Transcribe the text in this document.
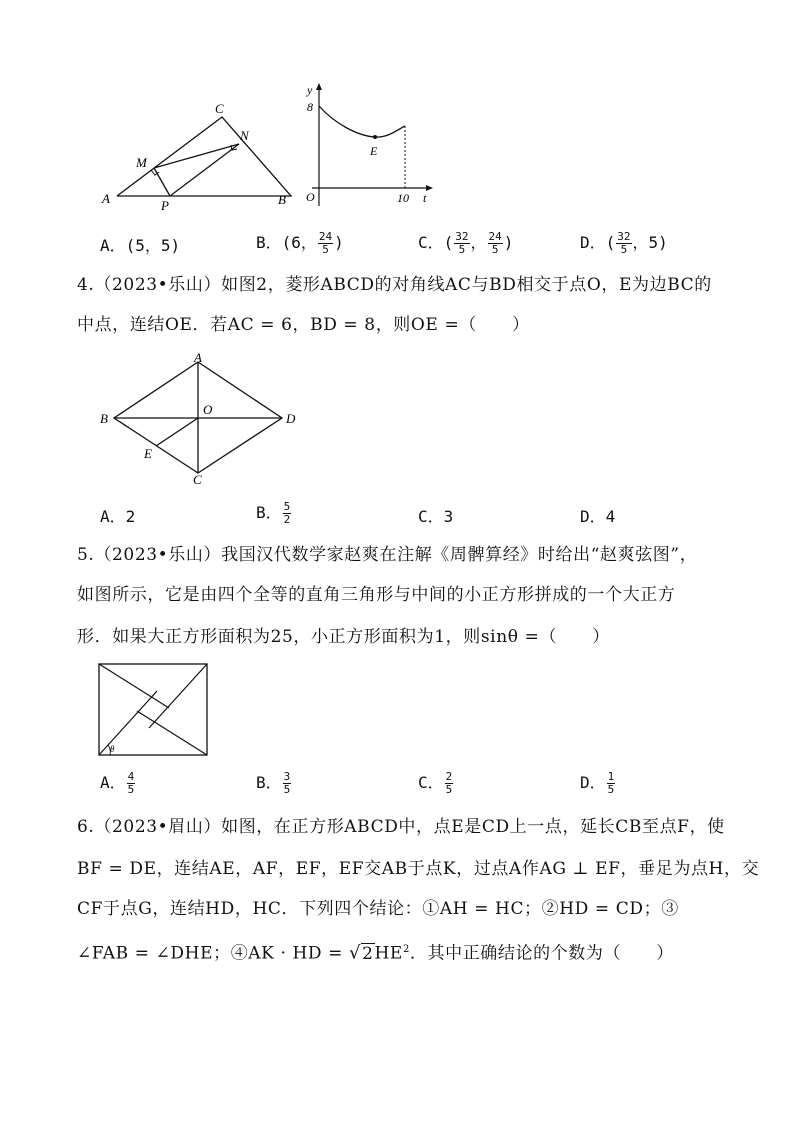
A	B
C
M
N
P
y
8
E
O	10 t
A．(5，5)	B．(6， $\frac{24}{5}$ )	C．( $\frac{32}{5}$ ， $\frac{24}{5}$ )	D．( $\frac{32}{5}$ ，5)
4.（2023•乐山）如图2，菱形ABCD的对角线AC与BD相交于点O，E为边BC的
中点，连结OE．若AC = 6，BD = 8，则OE =（　　）
A
B	D
C
O
E
A．2	B． $\frac{5}{2}$	C．3	D．4
5.（2023•乐山）我国汉代数学家赵爽在注解《周髀算经》时给出“赵爽弦图”，
如图所示，它是由四个全等的直角三角形与中间的小正方形拼成的一个大正方
形．如果大正方形面积为25，小正方形面积为1，则sinθ =（　　）
θ
A． $\frac{4}{5}$	B． $\frac{3}{5}$	C． $\frac{2}{5}$	D． $\frac{1}{5}$
6.（2023•眉山）如图，在正方形ABCD中，点E是CD上一点，延长CB至点F，使
BF = DE，连结AE，AF，EF，EF交AB于点K，过点A作AG ⊥ EF，垂足为点H，交
CF于点G，连结HD，HC．下列四个结论：①AH = HC；②HD = CD；③
∠FAB = ∠DHE；④AK · HD = $√2HE^2$．其中正确结论的个数为（　　）
